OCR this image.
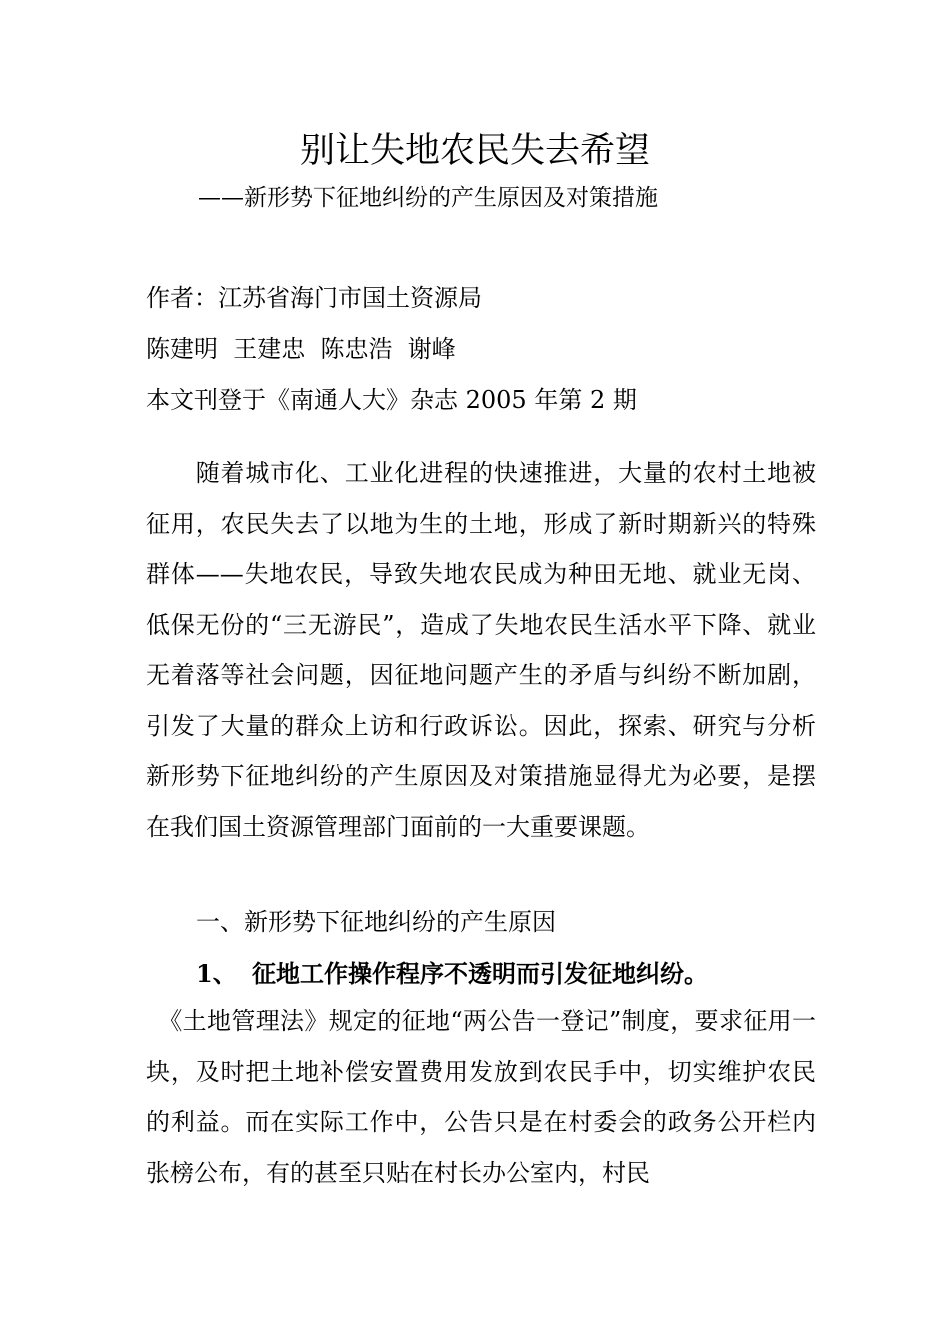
别让失地农民失去希望
——新形势下征地纠纷的产生原因及对策措施
作者：江苏省海门市国土资源局
陈建明  王建忠  陈忠浩  谢峰
本文刊登于《南通人大》杂志 2005 年第 2 期

　　随着城市化、工业化进程的快速推进，大量的农村土地被征用，农民失去了以地为生的土地，形成了新时期新兴的特殊群体——失地农民，导致失地农民成为种田无地、就业无岗、低保无份的“三无游民”，造成了失地农民生活水平下降、就业无着落等社会问题，因征地问题产生的矛盾与纠纷不断加剧，引发了大量的群众上访和行政诉讼。因此，探索、研究与分析新形势下征地纠纷的产生原因及对策措施显得尤为必要，是摆在我们国土资源管理部门面前的一大重要课题。

一、新形势下征地纠纷的产生原因
1、 征地工作操作程序不透明而引发征地纠纷。

　《土地管理法》规定的征地“两公告一登记”制度，要求征用一块，及时把土地补偿安置费用发放到农民手中，切实维护农民的利益。而在实际工作中，公告只是在村委会的政务公开栏内张榜公布，有的甚至只贴在村长办公室内，村民
